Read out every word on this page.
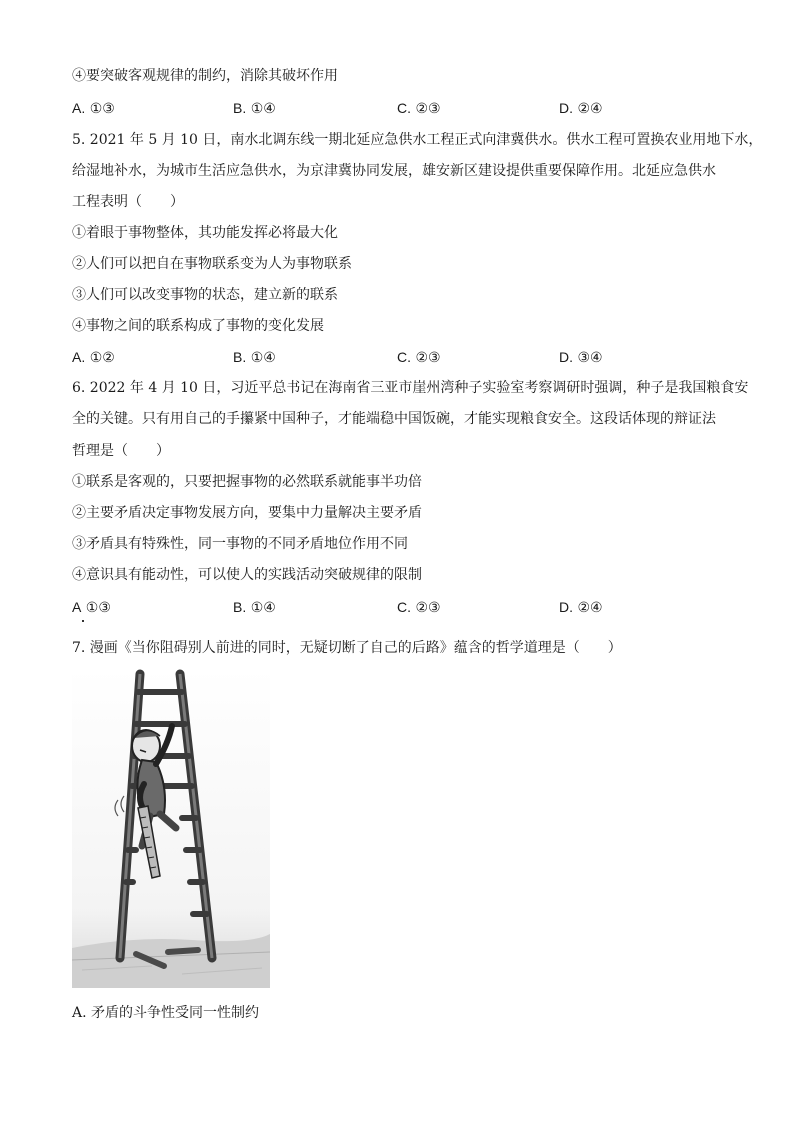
④要突破客观规律的制约，消除其破坏作用
A. ①③	B. ①④	C. ②③	D. ②④
5. 2021 年 5 月 10 日，南水北调东线一期北延应急供水工程正式向津冀供水。供水工程可置换农业用地下水，
给湿地补水，为城市生活应急供水，为京津冀协同发展，雄安新区建设提供重要保障作用。北延应急供水
工程表明（　　）
①着眼于事物整体，其功能发挥必将最大化
②人们可以把自在事物联系变为人为事物联系
③人们可以改变事物的状态，建立新的联系
④事物之间的联系构成了事物的变化发展
A. ①②	B. ①④	C. ②③	D. ③④
6. 2022 年 4 月 10 日，习近平总书记在海南省三亚市崖州湾种子实验室考察调研时强调，种子是我国粮食安
全的关键。只有用自己的手攥紧中国种子，才能端稳中国饭碗，才能实现粮食安全。这段话体现的辩证法
哲理是（　　）
①联系是客观的，只要把握事物的必然联系就能事半功倍
②主要矛盾决定事物发展方向，要集中力量解决主要矛盾
③矛盾具有特殊性，同一事物的不同矛盾地位作用不同
④意识具有能动性，可以使人的实践活动突破规律的限制
A ①③	B. ①④	C. ②③	D. ②④
7. 漫画《当你阻碍别人前进的同时，无疑切断了自己的后路》蕴含的哲学道理是（　　）
A. 矛盾的斗争性受同一性制约
